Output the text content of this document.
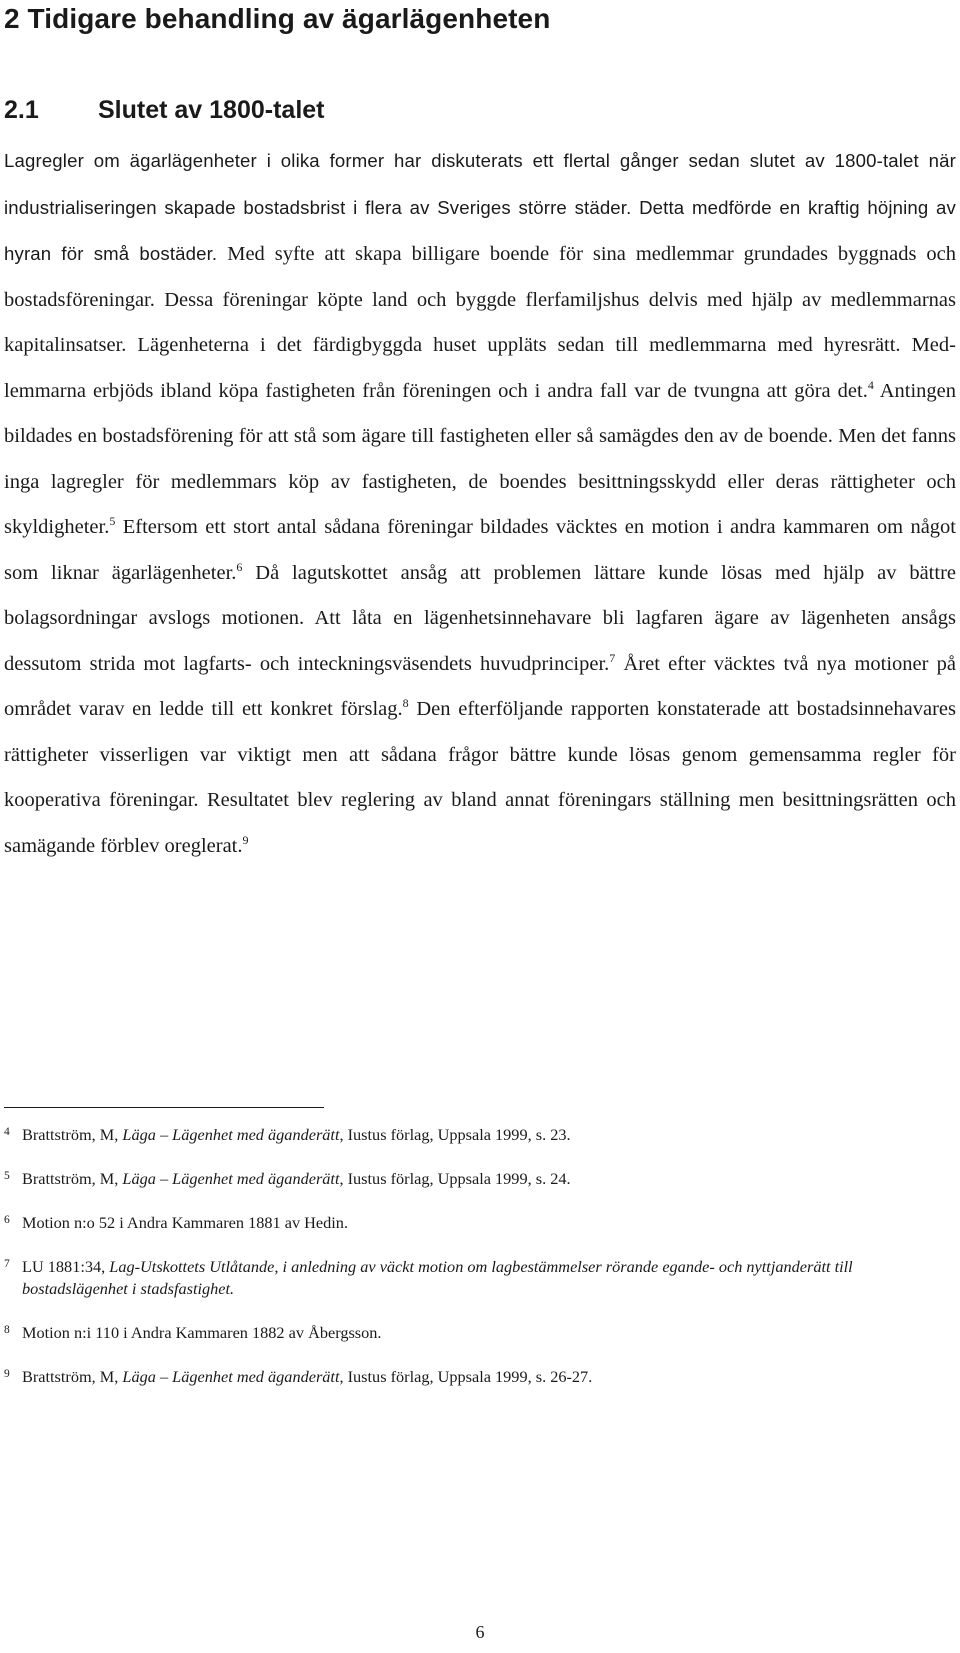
2 Tidigare behandling av ägarlägenheten
2.1 Slutet av 1800-talet

Lagregler om ägarlägenheter i olika former har diskuterats ett flertal gånger sedan slutet av 1800-talet när industrialiseringen skapade bostadsbrist i flera av Sveriges större städer. Detta medförde en kraftig höjning av hyran för små bostäder. Med syfte att skapa billigare boende för sina medlemmar grundades byggnads och bostadsföreningar. Dessa föreningar köpte land och byggde flerfamiljshus delvis med hjälp av medlemmarnas kapitalinsatser. Lägenheterna i det färdigbyggda huset uppläts sedan till medlemmarna med hyresrätt. Medlemmarna erbjöds ibland köpa fastigheten från föreningen och i andra fall var de tvungna att göra det.$^4$ Antingen bildades en bostadsförening för att stå som ägare till fastigheten eller så samägdes den av de boende. Men det fanns inga lagregler för medlemmars köp av fastigheten, de boendes besittningsskydd eller deras rättigheter och skyldigheter.$^5$ Eftersom ett stort antal sådana föreningar bildades väcktes en motion i andra kammaren om något som liknar ägarlägenheter.$^6$ Då lagutskottet ansåg att problemen lättare kunde lösas med hjälp av bättre bolagsordningar avslogs motionen. Att låta en lägenhetsinnehavare bli lagfaren ägare av lägenheten ansågs dessutom strida mot lagfarts- och inteckningsväsendets huvudprinciper.$^7$ Året efter väcktes två nya motioner på området varav en ledde till ett konkret förslag.$^8$ Den efterföljande rapporten konstaterade att bostadsinnehavares rättigheter visserligen var viktigt men att sådana frågor bättre kunde lösas genom gemensamma regler för kooperativa föreningar. Resultatet blev reglering av bland annat föreningars ställning men besittningsrätten och samägande förblev oreglerat.$^9$

4 Brattström, M, Läga – Lägenhet med äganderätt, Iustus förlag, Uppsala 1999, s. 23.

5 Brattström, M, Läga – Lägenhet med äganderätt, Iustus förlag, Uppsala 1999, s. 24.

6 Motion n:o 52 i Andra Kammaren 1881 av Hedin.

7 LU 1881:34, Lag-Utskottets Utlåtande, i anledning av väckt motion om lagbestämmelser rörande egande- och nyttjanderätt till bostadslägenhet i stadsfastighet.

8 Motion n:i 110 i Andra Kammaren 1882 av Åbergsson.

9 Brattström, M, Läga – Lägenhet med äganderätt, Iustus förlag, Uppsala 1999, s. 26-27.

6
